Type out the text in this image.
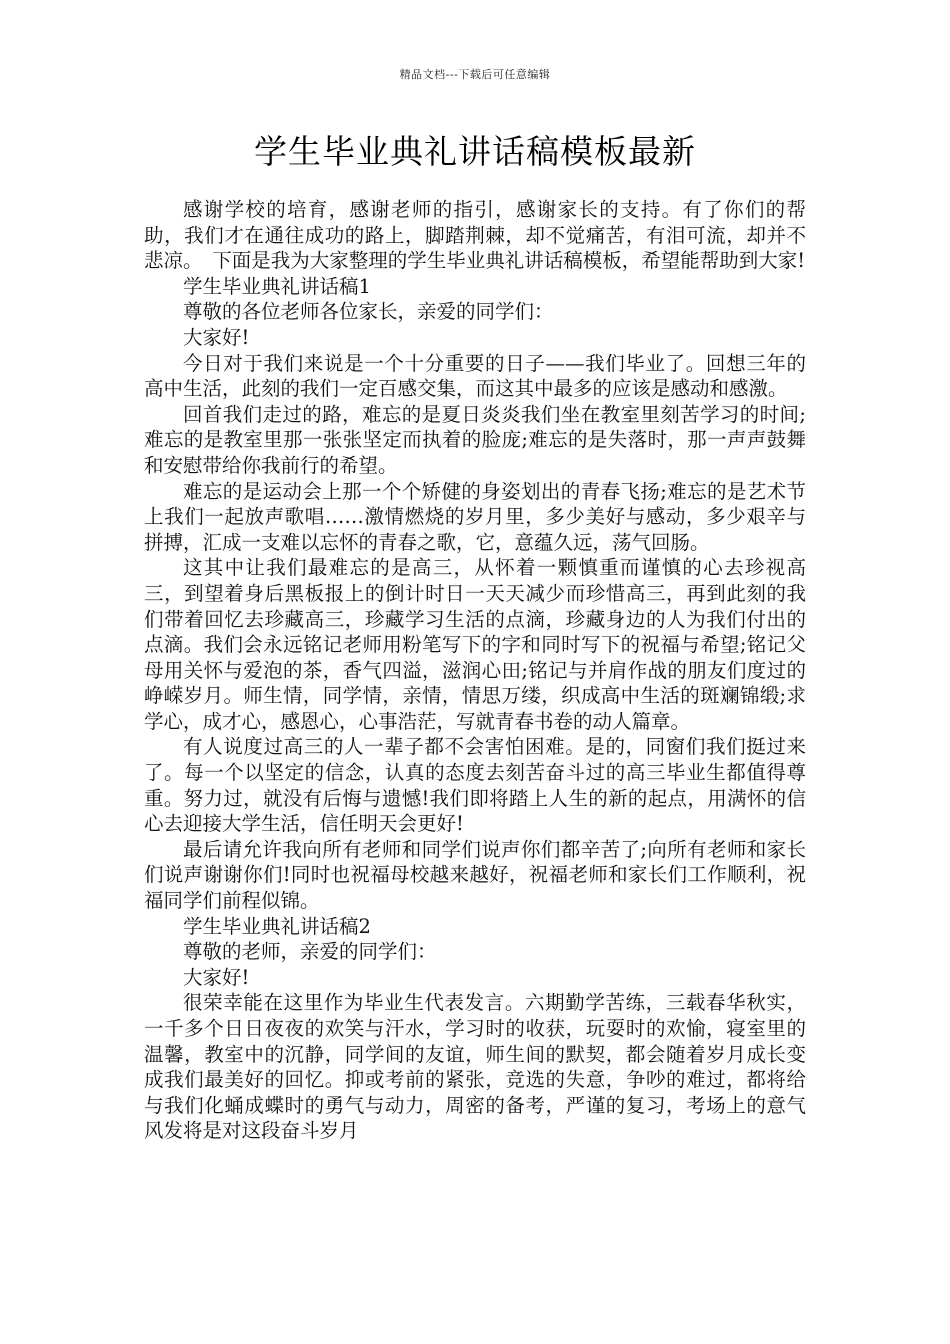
精品文档---下载后可任意编辑
学生毕业典礼讲话稿模板最新

感谢学校的培育，感谢老师的指引，感谢家长的支持。有了你们的帮助，我们才在通往成功的路上，脚踏荆棘，却不觉痛苦，有泪可流，却并不悲凉。　下面是我为大家整理的学生毕业典礼讲话稿模板，希望能帮助到大家!

学生毕业典礼讲话稿1

尊敬的各位老师各位家长，亲爱的同学们：

大家好!

今日对于我们来说是一个十分重要的日子——我们毕业了。回想三年的高中生活，此刻的我们一定百感交集，而这其中最多的应该是感动和感激。

回首我们走过的路，难忘的是夏日炎炎我们坐在教室里刻苦学习的时间;难忘的是教室里那一张张坚定而执着的脸庞;难忘的是失落时，那一声声鼓舞和安慰带给你我前行的希望。

难忘的是运动会上那一个个矫健的身姿划出的青春飞扬;难忘的是艺术节上我们一起放声歌唱……激情燃烧的岁月里，多少美好与感动，多少艰辛与拼搏，汇成一支难以忘怀的青春之歌，它，意蕴久远，荡气回肠。

这其中让我们最难忘的是高三，从怀着一颗慎重而谨慎的心去珍视高三，到望着身后黑板报上的倒计时日一天天减少而珍惜高三，再到此刻的我们带着回忆去珍藏高三，珍藏学习生活的点滴，珍藏身边的人为我们付出的点滴。我们会永远铭记老师用粉笔写下的字和同时写下的祝福与希望;铭记父母用关怀与爱泡的茶，香气四溢，滋润心田;铭记与并肩作战的朋友们度过的峥嵘岁月。师生情，同学情，亲情，情思万缕，织成高中生活的斑斓锦缎;求学心，成才心，感恩心，心事浩茫，写就青春书卷的动人篇章。

有人说度过高三的人一辈子都不会害怕困难。是的，同窗们我们挺过来了。每一个以坚定的信念，认真的态度去刻苦奋斗过的高三毕业生都值得尊重。努力过，就没有后悔与遗憾!我们即将踏上人生的新的起点，用满怀的信心去迎接大学生活，信任明天会更好!

最后请允许我向所有老师和同学们说声你们都辛苦了;向所有老师和家长们说声谢谢你们!同时也祝福母校越来越好，祝福老师和家长们工作顺利，祝福同学们前程似锦。

学生毕业典礼讲话稿2

尊敬的老师，亲爱的同学们：

大家好!

很荣幸能在这里作为毕业生代表发言。六期勤学苦练，三载春华秋实，一千多个日日夜夜的欢笑与汗水，学习时的收获，玩耍时的欢愉，寝室里的温馨，教室中的沉静，同学间的友谊，师生间的默契，都会随着岁月成长变成我们最美好的回忆。抑或考前的紧张，竞选的失意，争吵的难过，都将给与我们化蛹成蝶时的勇气与动力，周密的备考，严谨的复习，考场上的意气风发将是对这段奋斗岁月
